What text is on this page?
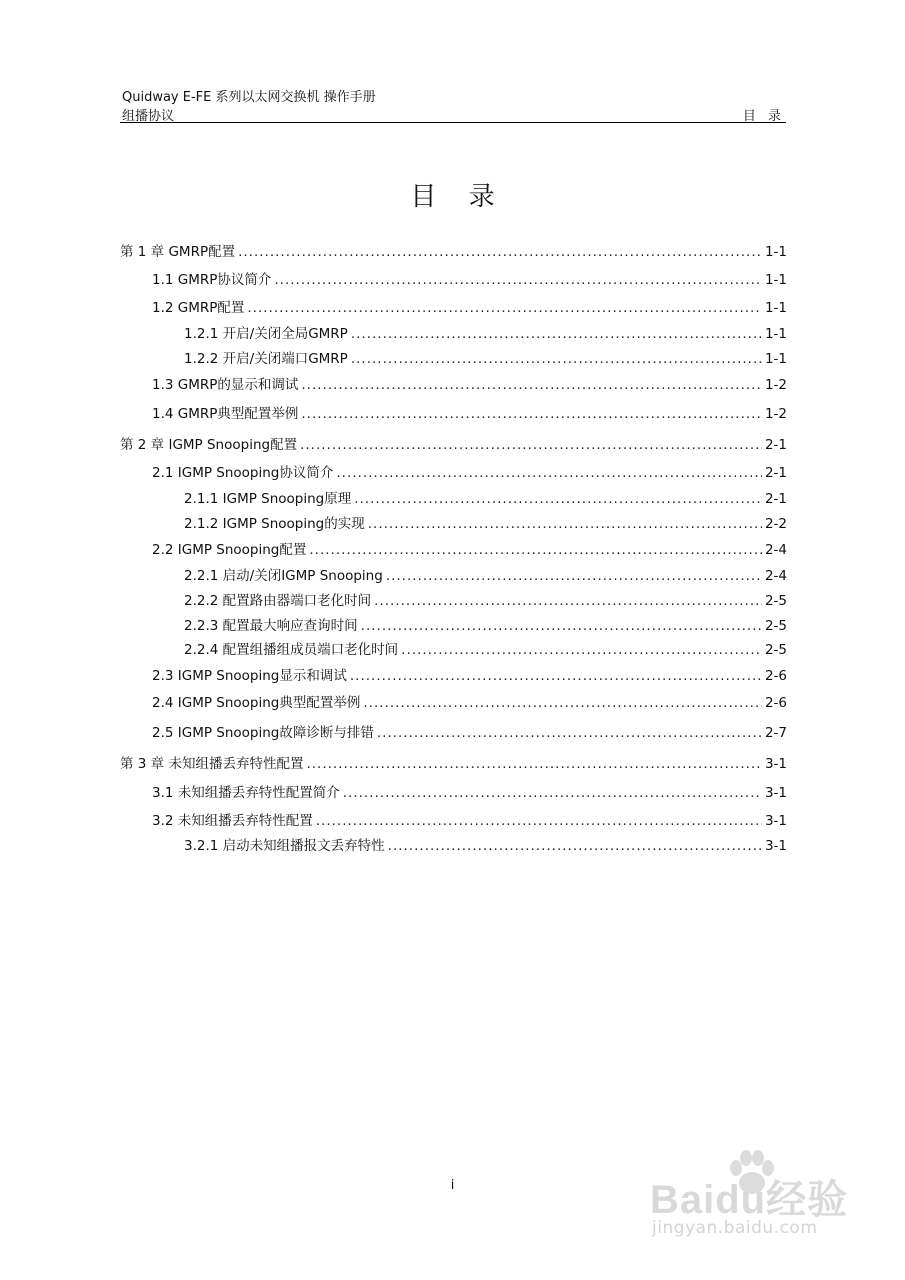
Quidway E-FE 系列以太网交换机 操作手册
组播协议	目 录
目 录
第 1 章 GMRP配置 .....	1-1
1.1 GMRP协议简介 .....	1-1
1.2 GMRP配置 .....	1-1
1.2.1 开启/关闭全局GMRP .....	1-1
1.2.2 开启/关闭端口GMRP .....	1-1
1.3 GMRP的显示和调试 .....	1-2
1.4 GMRP典型配置举例 .....	1-2
第 2 章 IGMP Snooping配置 .....	2-1
2.1 IGMP Snooping协议简介 .....	2-1
2.1.1 IGMP Snooping原理 .....	2-1
2.1.2 IGMP Snooping的实现 .....	2-2
2.2 IGMP Snooping配置 .....	2-4
2.2.1 启动/关闭IGMP Snooping .....	2-4
2.2.2 配置路由器端口老化时间 .....	2-5
2.2.3 配置最大响应查询时间 .....	2-5
2.2.4 配置组播组成员端口老化时间 .....	2-5
2.3 IGMP Snooping显示和调试 .....	2-6
2.4 IGMP Snooping典型配置举例 .....	2-6
2.5 IGMP Snooping故障诊断与排错 .....	2-7
第 3 章 未知组播丢弃特性配置 .....	3-1
3.1 未知组播丢弃特性配置简介 .....	3-1
3.2 未知组播丢弃特性配置 .....	3-1
3.2.1 启动未知组播报文丢弃特性 .....	3-1
i	Baidu经验
jingyan.baidu.com
